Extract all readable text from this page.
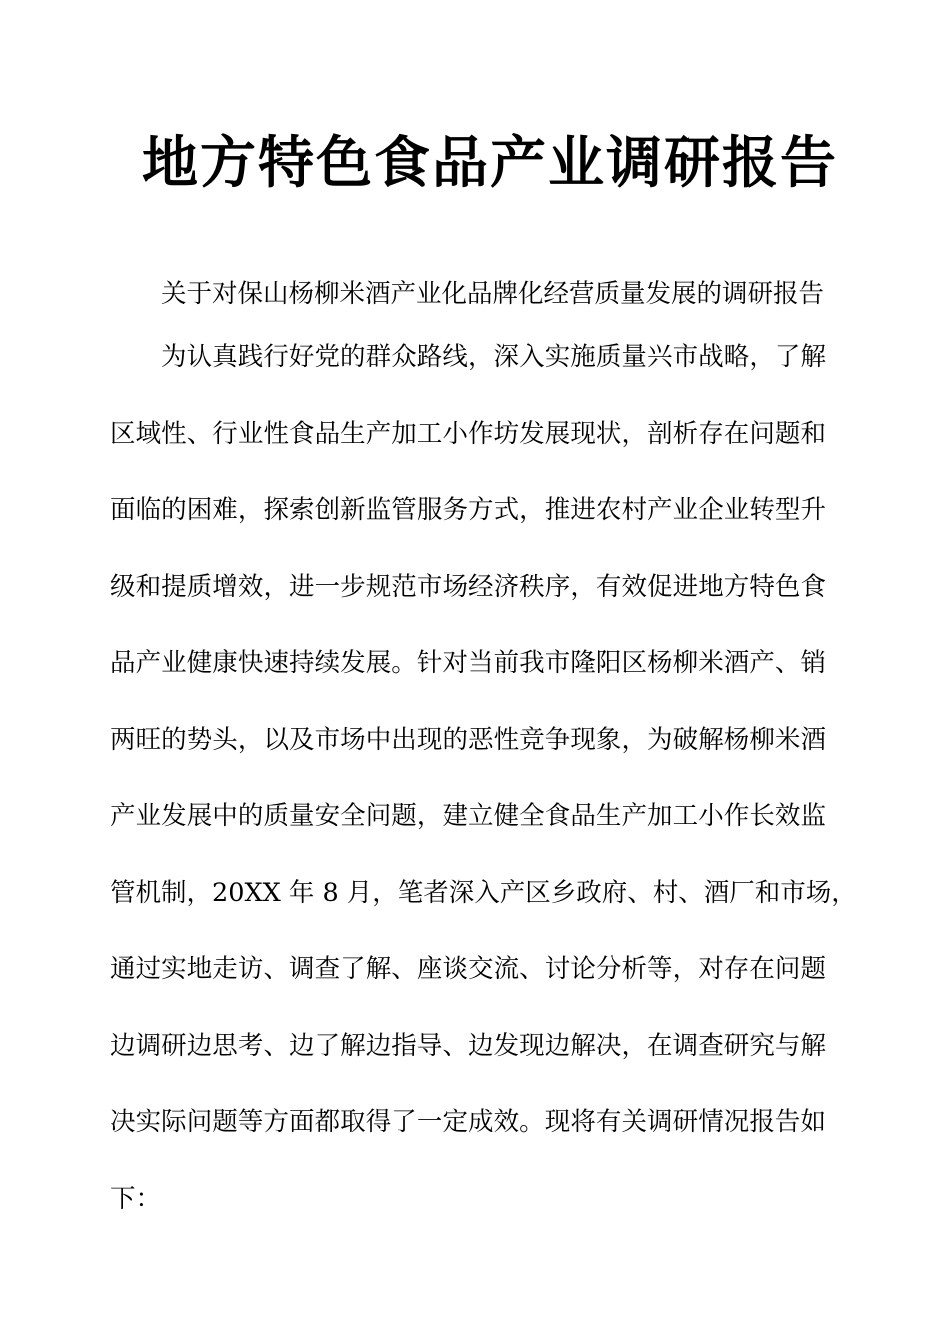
地方特色食品产业调研报告

关于对保山杨柳米酒产业化品牌化经营质量发展的调研报告

为认真践行好党的群众路线，深入实施质量兴市战略，了解
区域性、行业性食品生产加工小作坊发展现状，剖析存在问题和
面临的困难，探索创新监管服务方式，推进农村产业企业转型升
级和提质增效，进一步规范市场经济秩序，有效促进地方特色食
品产业健康快速持续发展。针对当前我市隆阳区杨柳米酒产、销
两旺的势头，以及市场中出现的恶性竞争现象，为破解杨柳米酒
产业发展中的质量安全问题，建立健全食品生产加工小作长效监
管机制，20XX 年 8 月，笔者深入产区乡政府、村、酒厂和市场，
通过实地走访、调查了解、座谈交流、讨论分析等，对存在问题
边调研边思考、边了解边指导、边发现边解决，在调查研究与解
决实际问题等方面都取得了一定成效。现将有关调研情况报告如
下：
